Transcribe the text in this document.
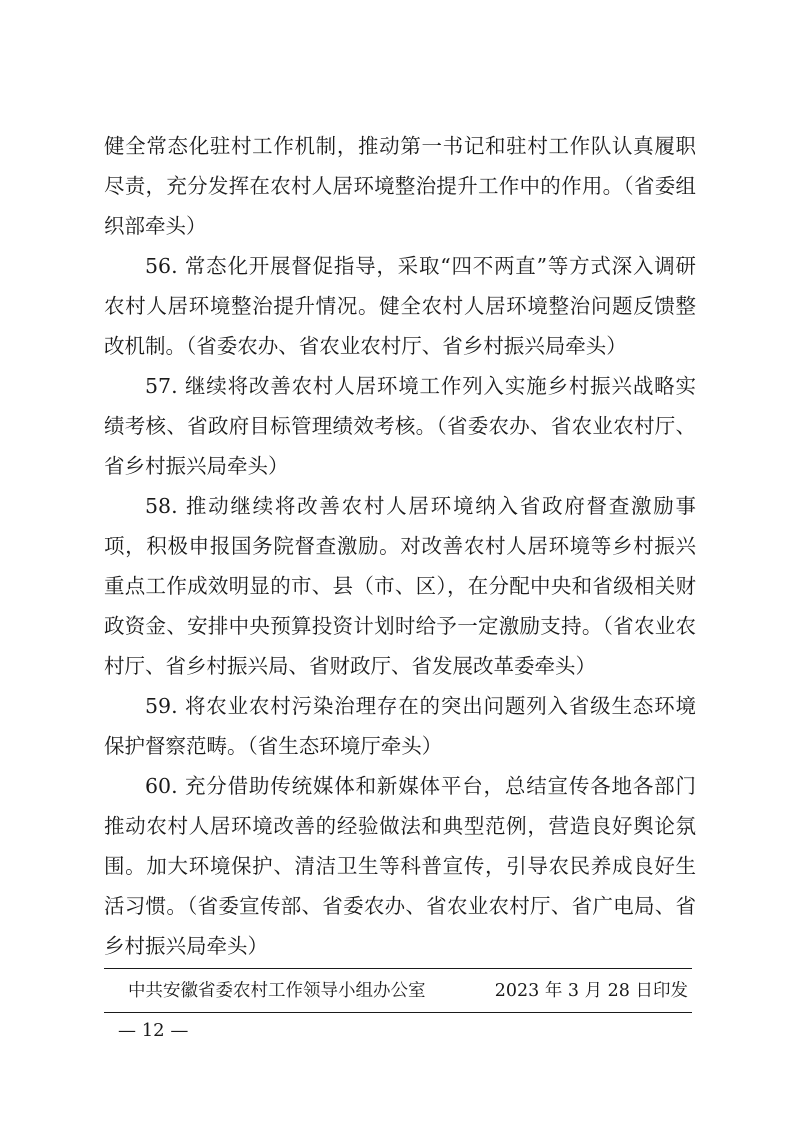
健全常态化驻村工作机制，推动第一书记和驻村工作队认真履职尽责，充分发挥在农村人居环境整治提升工作中的作用。（省委组织部牵头）

56. 常态化开展督促指导，采取“四不两直”等方式深入调研农村人居环境整治提升情况。健全农村人居环境整治问题反馈整改机制。（省委农办、省农业农村厅、省乡村振兴局牵头）

57. 继续将改善农村人居环境工作列入实施乡村振兴战略实绩考核、省政府目标管理绩效考核。（省委农办、省农业农村厅、省乡村振兴局牵头）

58. 推动继续将改善农村人居环境纳入省政府督查激励事项，积极申报国务院督查激励。对改善农村人居环境等乡村振兴重点工作成效明显的市、县（市、区），在分配中央和省级相关财政资金、安排中央预算投资计划时给予一定激励支持。（省农业农村厅、省乡村振兴局、省财政厅、省发展改革委牵头）

59. 将农业农村污染治理存在的突出问题列入省级生态环境保护督察范畴。（省生态环境厅牵头）

60. 充分借助传统媒体和新媒体平台，总结宣传各地各部门推动农村人居环境改善的经验做法和典型范例，营造良好舆论氛围。加大环境保护、清洁卫生等科普宣传，引导农民养成良好生活习惯。（省委宣传部、省委农办、省农业农村厅、省广电局、省乡村振兴局牵头）

中共安徽省委农村工作领导小组办公室	2023 年 3 月 28 日印发
— 12 —
